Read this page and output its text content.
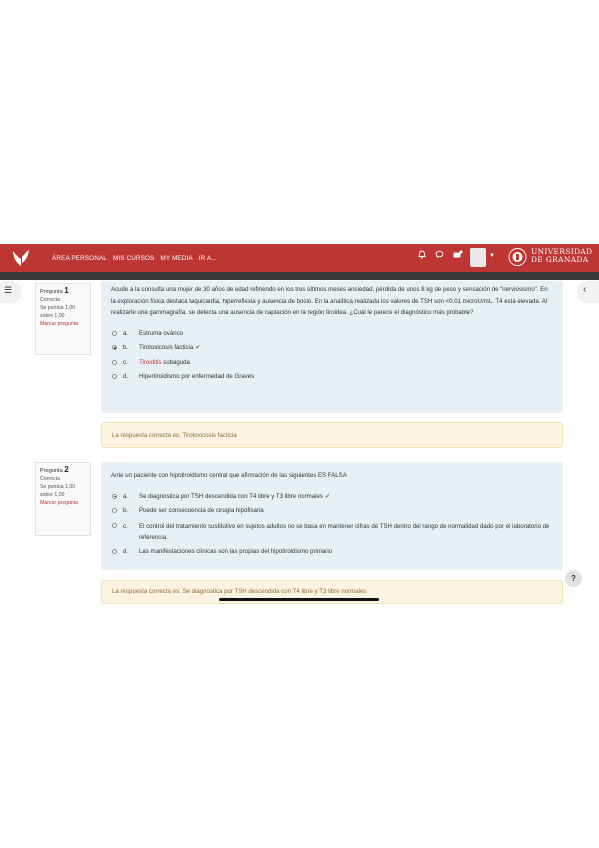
ÁREA PERSONAL MIS CURSOS MY MEDIA IR A...	▼	UNIVERSIDAD
DE GRANADA
☰	‹
Pregunta 1
Correcta
Se puntúa 1,00 sobre 1,00
Marcar pregunta

Acude a la consulta una mujer de 30 años de edad refiriendo en los tres últimos meses ansiedad, pérdida de unos 8 kg de peso y sensación de “nerviosismo”. En la exploración física destaca taquicardia, hiperreflexia y ausencia de bocio. En la analítica realizada los valores de TSH son <0.01 microU/mL. T4 está elevada. Al realizarle una gammagrafía, se detecta una ausencia de captación en la región tiroidea. ¿Cuál le parece el diagnóstico más probable?

a. Estruma ovárico
b. Tirotoxicosis facticia ✔
c. Tiroiditis subaguda
d. Hipertiroidismo por enfermedad de Graves
La respuesta correcta es: Tirotoxicosis facticia
Pregunta 2
Correcta
Se puntúa 1,00 sobre 1,00
Marcar pregunta

Ante un paciente con hipotiroidismo central que afirmación de las siguientes ES FALSA

a. Se diagnostica por TSH descendida con T4 libre y T3 libre normales ✔
b. Puede ser consecuencia de cirugía hipofisaria
c.	El control del tratamiento sustitutivo en sujetos adultos no se basa en mantener cifras de TSH dentro del rango de normalidad dado por el laboratorio de referencia.
d. Las manifestaciones clínicas son las propias del hipotiroidismo primario
La respuesta correcta es: Se diagnostica por TSH descendida con T4 libre y T3 libre normales
?
